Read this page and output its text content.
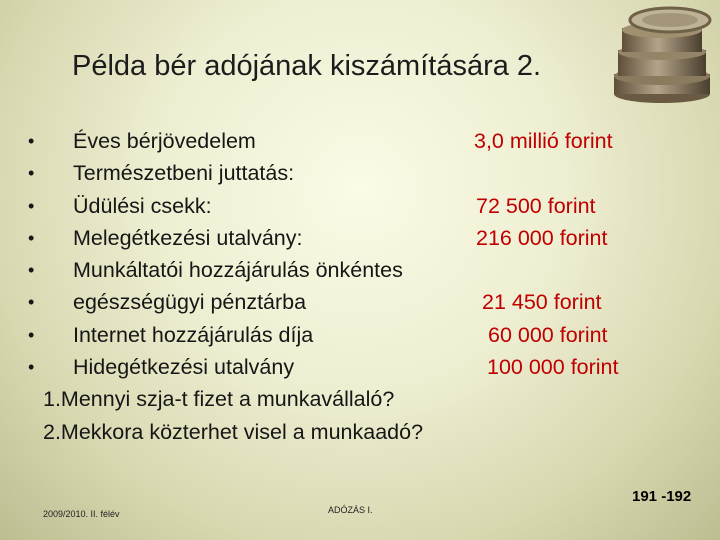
Példa bér adójának kiszámítására 2.
• Éves bérjövedelem	3,0 millió forint
• Természetbeni juttatás:
• Üdülési csekk:	72 500 forint
• Melegétkezési utalvány:	216 000 forint
• Munkáltatói hozzájárulás önkéntes
• egészségügyi pénztárba	21 450 forint
• Internet hozzájárulás díja	60 000 forint
• Hidegétkezési utalvány	100 000 forint
1.Mennyi szja-t fizet a munkavállaló?
2.Mekkora közterhet visel a munkaadó?
2009/2010. II. félév	ADÓZÁS I.
191 -192
